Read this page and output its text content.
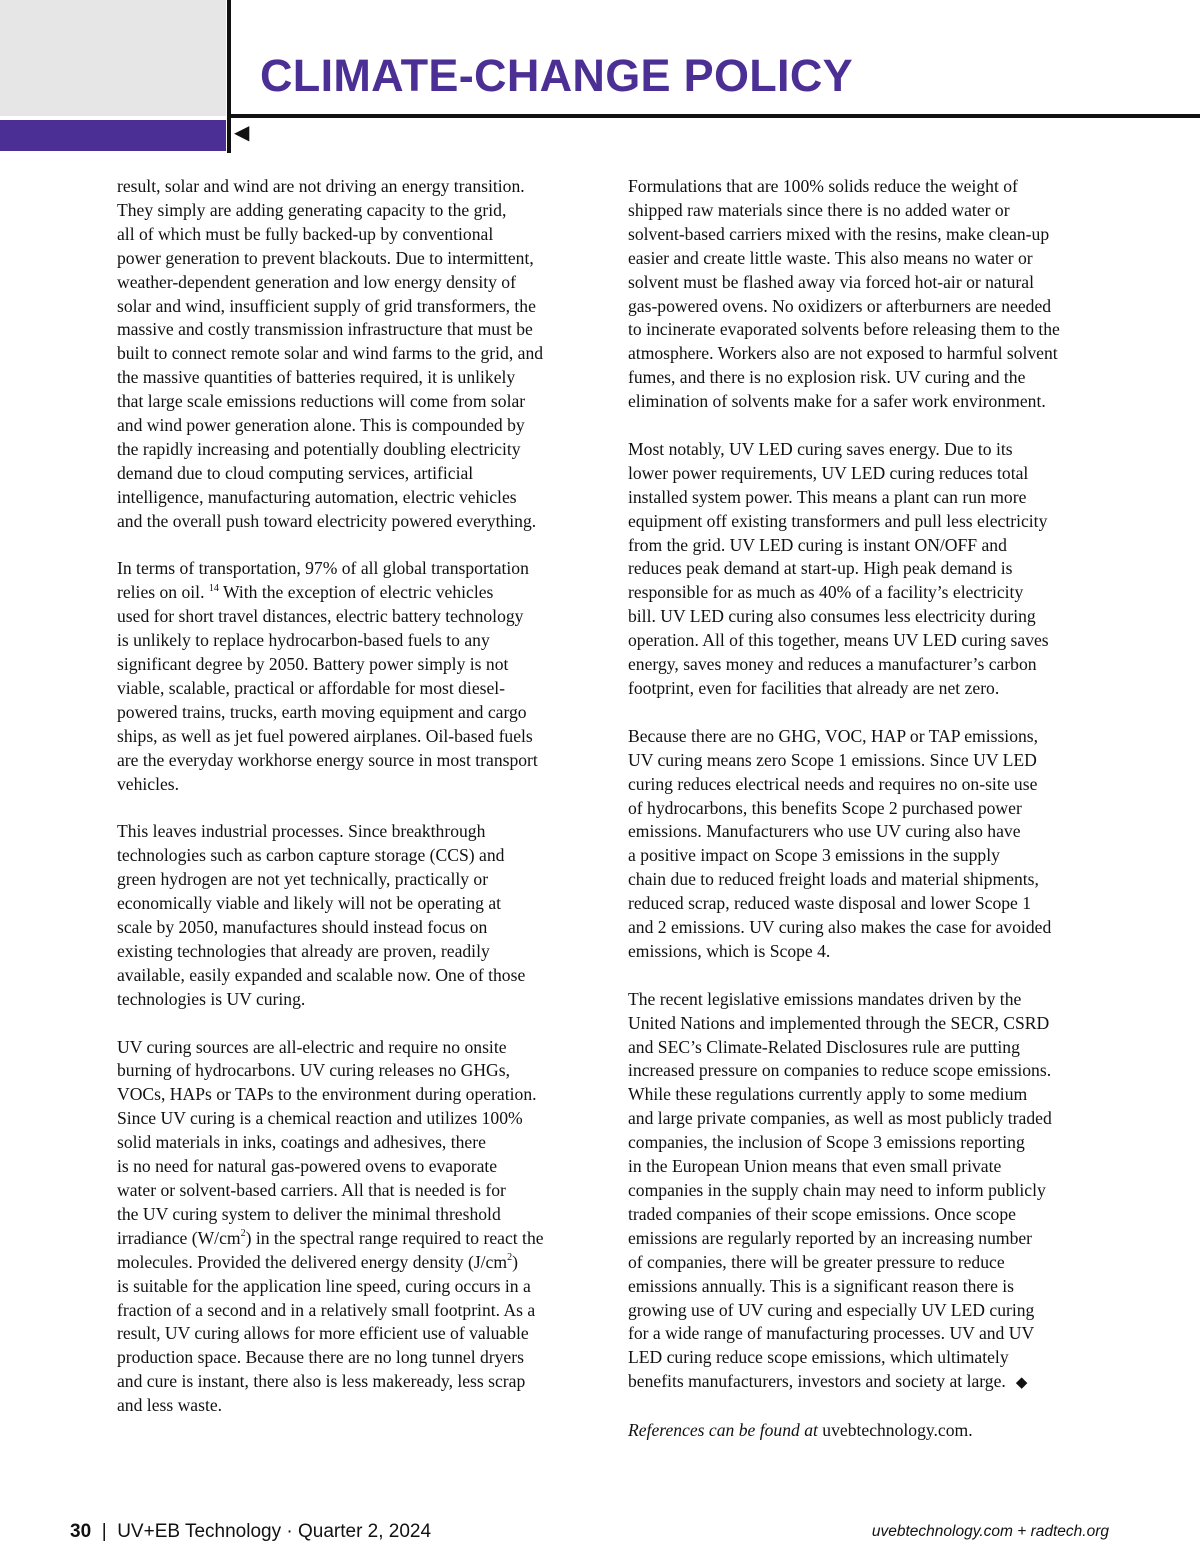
◀
CLIMATE-CHANGE POLICY

result, solar and wind are not driving an energy transition.
They simply are adding generating capacity to the grid,
all of which must be fully backed-up by conventional
power generation to prevent blackouts. Due to intermittent,
weather-dependent generation and low energy density of
solar and wind, insufficient supply of grid transformers, the
massive and costly transmission infrastructure that must be
built to connect remote solar and wind farms to the grid, and
the massive quantities of batteries required, it is unlikely
that large scale emissions reductions will come from solar
and wind power generation alone. This is compounded by
the rapidly increasing and potentially doubling electricity
demand due to cloud computing services, artificial
intelligence, manufacturing automation, electric vehicles
and the overall push toward electricity powered everything.

In terms of transportation, 97% of all global transportation
relies on oil. $^{14}$ With the exception of electric vehicles
used for short travel distances, electric battery technology
is unlikely to replace hydrocarbon-based fuels to any
significant degree by 2050. Battery power simply is not
viable, scalable, practical or affordable for most diesel-
powered trains, trucks, earth moving equipment and cargo
ships, as well as jet fuel powered airplanes. Oil-based fuels
are the everyday workhorse energy source in most transport
vehicles.

This leaves industrial processes. Since breakthrough
technologies such as carbon capture storage (CCS) and
green hydrogen are not yet technically, practically or
economically viable and likely will not be operating at
scale by 2050, manufactures should instead focus on
existing technologies that already are proven, readily
available, easily expanded and scalable now. One of those
technologies is UV curing.

UV curing sources are all-electric and require no onsite
burning of hydrocarbons. UV curing releases no GHGs,
VOCs, HAPs or TAPs to the environment during operation.
Since UV curing is a chemical reaction and utilizes 100%
solid materials in inks, coatings and adhesives, there
is no need for natural gas-powered ovens to evaporate
water or solvent-based carriers. All that is needed is for
the UV curing system to deliver the minimal threshold
irradiance $(W/cm^2)$ in the spectral range required to react the
molecules. Provided the delivered energy density $(J/cm^2)$
is suitable for the application line speed, curing occurs in a
fraction of a second and in a relatively small footprint. As a
result, UV curing allows for more efficient use of valuable
production space. Because there are no long tunnel dryers
and cure is instant, there also is less makeready, less scrap
and less waste.

Formulations that are 100% solids reduce the weight of
shipped raw materials since there is no added water or
solvent-based carriers mixed with the resins, make clean-up
easier and create little waste. This also means no water or
solvent must be flashed away via forced hot-air or natural
gas-powered ovens. No oxidizers or afterburners are needed
to incinerate evaporated solvents before releasing them to the
atmosphere. Workers also are not exposed to harmful solvent
fumes, and there is no explosion risk. UV curing and the
elimination of solvents make for a safer work environment.

Most notably, UV LED curing saves energy. Due to its
lower power requirements, UV LED curing reduces total
installed system power. This means a plant can run more
equipment off existing transformers and pull less electricity
from the grid. UV LED curing is instant ON/OFF and
reduces peak demand at start-up. High peak demand is
responsible for as much as 40% of a facility’s electricity
bill. UV LED curing also consumes less electricity during
operation. All of this together, means UV LED curing saves
energy, saves money and reduces a manufacturer’s carbon
footprint, even for facilities that already are net zero.

Because there are no GHG, VOC, HAP or TAP emissions,
UV curing means zero Scope 1 emissions. Since UV LED
curing reduces electrical needs and requires no on-site use
of hydrocarbons, this benefits Scope 2 purchased power
emissions. Manufacturers who use UV curing also have
a positive impact on Scope 3 emissions in the supply
chain due to reduced freight loads and material shipments,
reduced scrap, reduced waste disposal and lower Scope 1
and 2 emissions. UV curing also makes the case for avoided
emissions, which is Scope 4.

The recent legislative emissions mandates driven by the
United Nations and implemented through the SECR, CSRD
and SEC’s Climate-Related Disclosures rule are putting
increased pressure on companies to reduce scope emissions.
While these regulations currently apply to some medium
and large private companies, as well as most publicly traded
companies, the inclusion of Scope 3 emissions reporting
in the European Union means that even small private
companies in the supply chain may need to inform publicly
traded companies of their scope emissions. Once scope
emissions are regularly reported by an increasing number
of companies, there will be greater pressure to reduce
emissions annually. This is a significant reason there is
growing use of UV curing and especially UV LED curing
for a wide range of manufacturing processes. UV and UV
LED curing reduce scope emissions, which ultimately
benefits manufacturers, investors and society at large. ◆

References can be found at uvebtechnology.com.

30 | UV+EB Technology · Quarter 2, 2024	uvebtechnology.com + radtech.org
